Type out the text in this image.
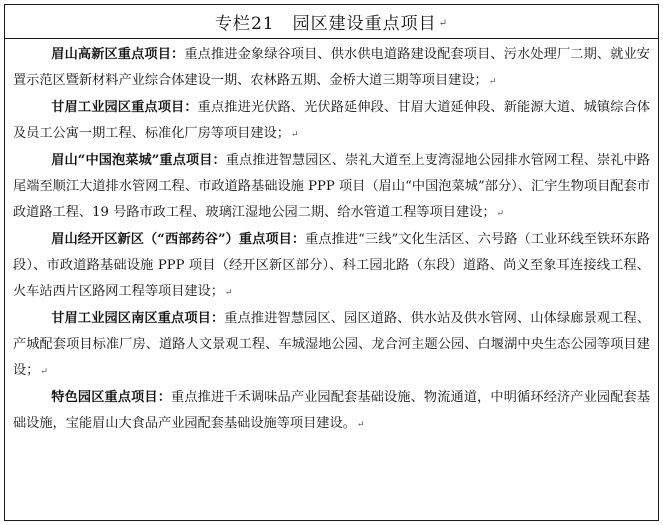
专栏21　园区建设重点项目 ↵

眉山高新区重点项目：重点推进金象绿谷项目、供水供电道路建设配套项目、污水处理厂二期、就业安置示范区暨新材料产业综合体建设一期、农林路五期、金桥大道三期等项目建设；↵

甘眉工业园区重点项目：重点推进光伏路、光伏路延伸段、甘眉大道延伸段、新能源大道、城镇综合体及员工公寓一期工程、标准化厂房等项目建设；↵

眉山“中国泡菜城”重点项目：重点推进智慧园区、崇礼大道至上叓湾湿地公园排水管网工程、崇礼中路尾端至顺江大道排水管网工程、市政道路基础设施 PPP 项目（眉山“中国泡菜城”部分）、汇宇生物项目配套市政道路工程、19 号路市政工程、玻璃江湿地公园二期、给水管道工程等项目建设；↵

眉山经开区新区（“西部药谷”）重点项目：重点推进“三线”文化生活区、六号路（工业环线至铁环东路段）、市政道路基础设施 PPP 项目（经开区新区部分）、科工园北路（东段）道路、尚义至象耳连接线工程、火车站西片区路网工程等项目建设；↵

甘眉工业园区南区重点项目：重点推进智慧园区、园区道路、供水站及供水管网、山体绿廊景观工程、产城配套项目标准厂房、道路人文景观工程、车城湿地公园、龙合河主题公园、白堰湖中央生态公园等项目建设；↵

特色园区重点项目：重点推进千禾调味品产业园配套基础设施、物流通道，中明循环经济产业园配套基础设施，宝能眉山大食品产业园配套基础设施等项目建设。↵
